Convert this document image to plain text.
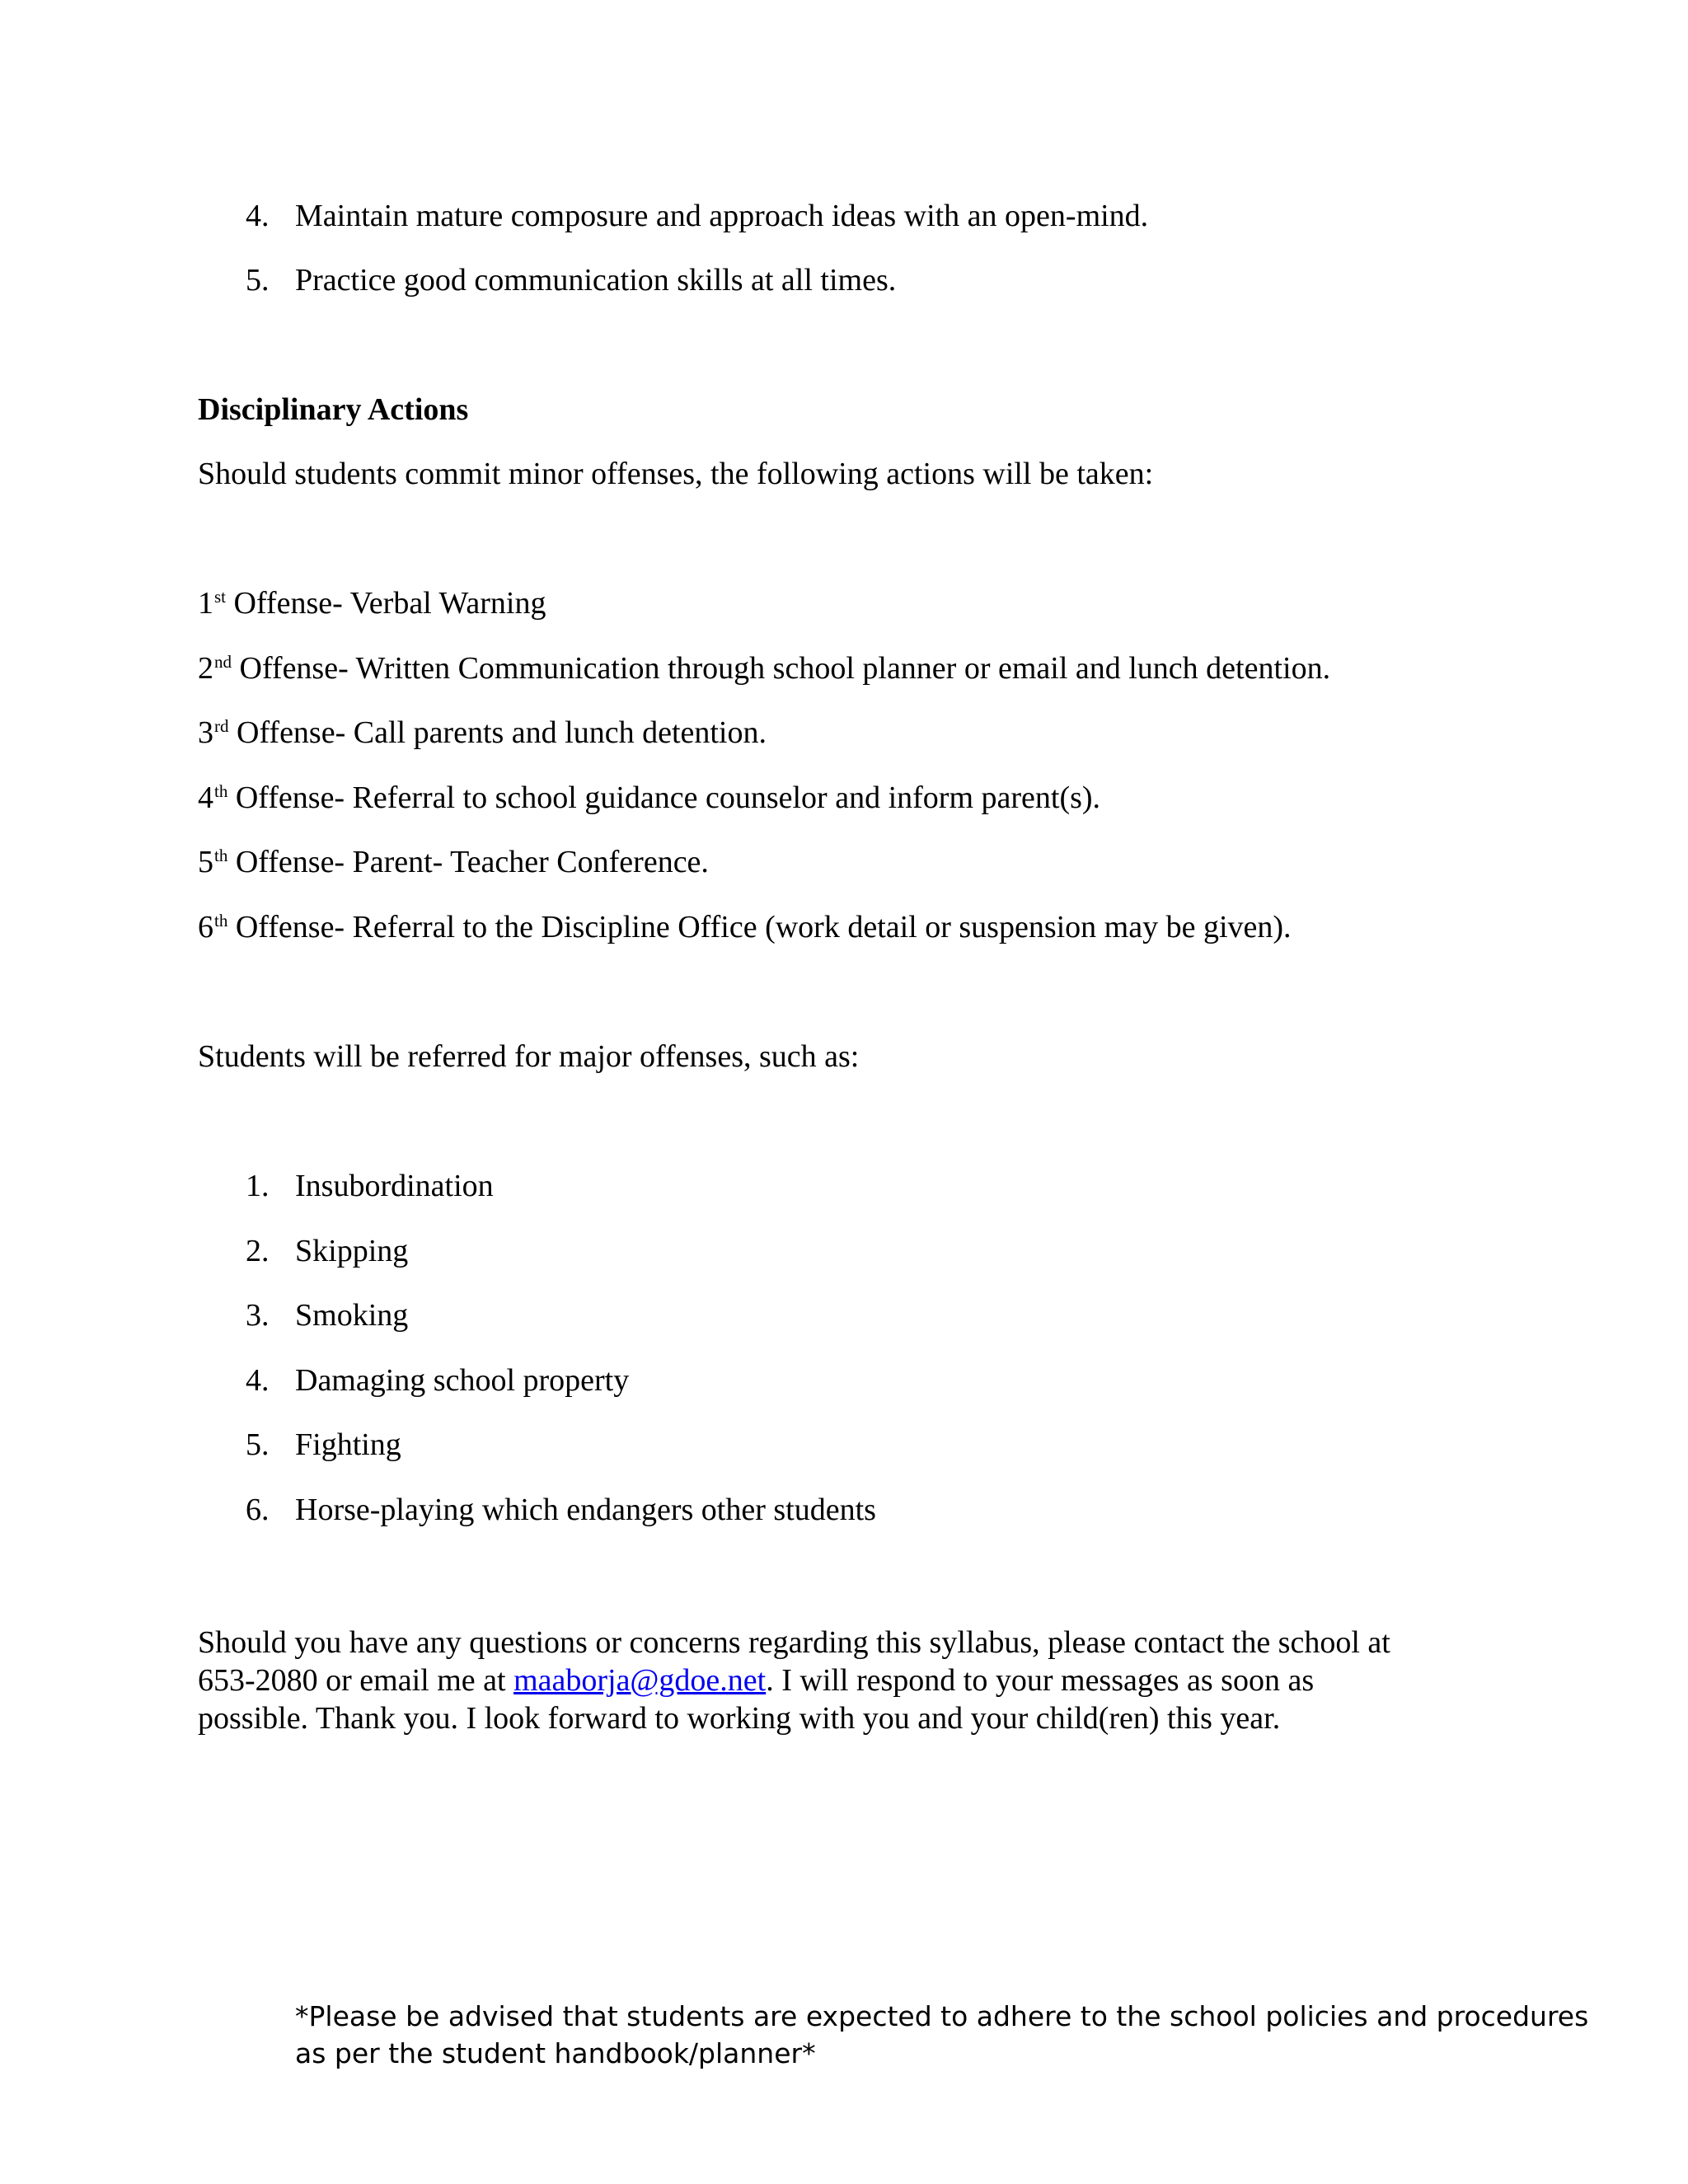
4. Maintain mature composure and approach ideas with an open-mind.
5. Practice good communication skills at all times.
Disciplinary Actions
Should students commit minor offenses, the following actions will be taken:
1st Offense- Verbal Warning
2nd Offense- Written Communication through school planner or email and lunch detention.
3rd Offense- Call parents and lunch detention.
4th Offense- Referral to school guidance counselor and inform parent(s).
5th Offense- Parent- Teacher Conference.
6th Offense- Referral to the Discipline Office (work detail or suspension may be given).
Students will be referred for major offenses, such as:
1. Insubordination
2. Skipping
3. Smoking
4. Damaging school property
5. Fighting
6. Horse-playing which endangers other students
Should you have any questions or concerns regarding this syllabus, please contact the school at
653-2080 or email me at maaborja@gdoe.net. I will respond to your messages as soon as
possible. Thank you. I look forward to working with you and your child(ren) this year.
*Please be advised that students are expected to adhere to the school policies and procedures
as per the student handbook/planner*
